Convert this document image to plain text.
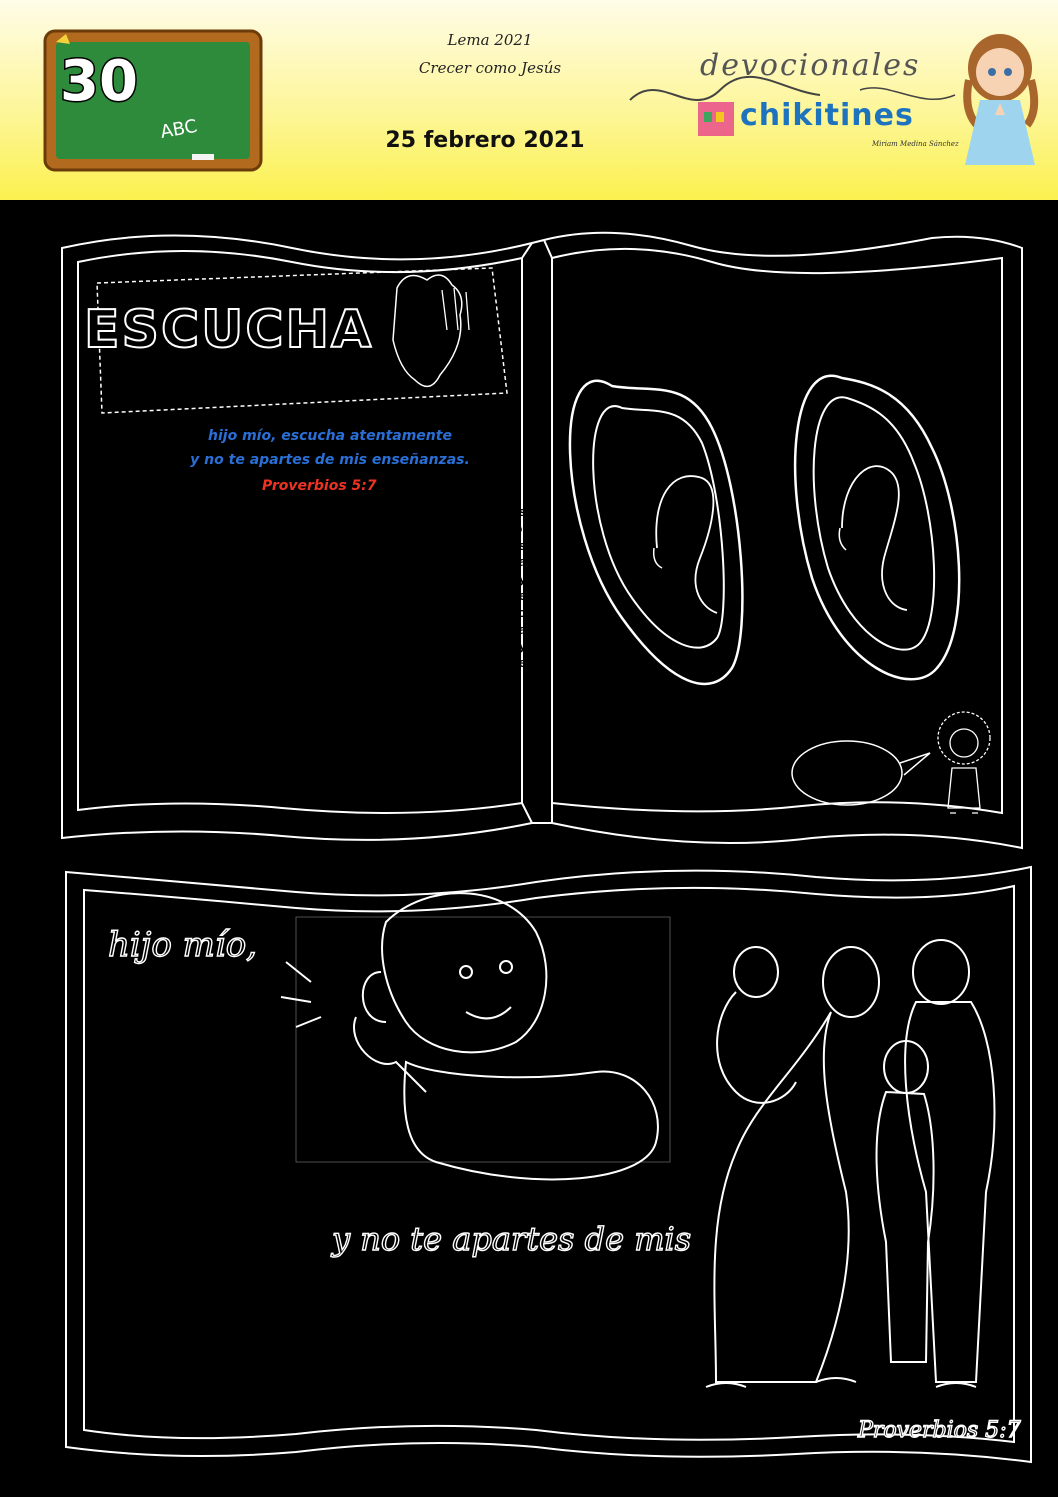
30
ABC
Lema 2021
Crecer como Jesús
25 febrero 2021
devocionales
chikitines
Miriam Medina Sánchez
ESCUCHA
hijo mío, escucha atentamente
y no te apartes de mis enseñanzas.
Proverbios 5:7
Mi joyita de Dios, Dios nos creó con dos hermosas orejitas y con ellas podemos escuchar todo los sonidos que hay en el mundo, escuchamos la voz de mamá y papá, también las voces de otras personas, la música, etc., hoy la Biblia dice: hijo mío, escucha atentamente, ¿quién te dice hijo mío?, pues Dios, tu Padre celestial y te pide que escuches con atención sus enseñanzas y no te apartes de ellas. Hay mucha gente que escucha muchas voces pero la de Dios no la escuchan, no quieren conocer sus enseñanzas, pero tu imita a Jesús que nos enseña lo importante que es escuchar la voz de Dios y así conocer como vivir agradándole a Él. Descubre mas de este Sagrado libro en tus citas diaria con Dios.
Con amor su hermana Miriam Medina Sánchez
Gracias Padre Celestial por mis dos orejas, con ellas escuchare tus enseñanzas. Colorea la imagen.
Padre Celestial ayúdame a escuchar tus enseñanzas
hijo mío,
y no te apartes de mis
Guarda en el cofre de tu corazón esta palabra
Con amor, su hermana Miriam Medina Sánchez
Proverbios 5:7
